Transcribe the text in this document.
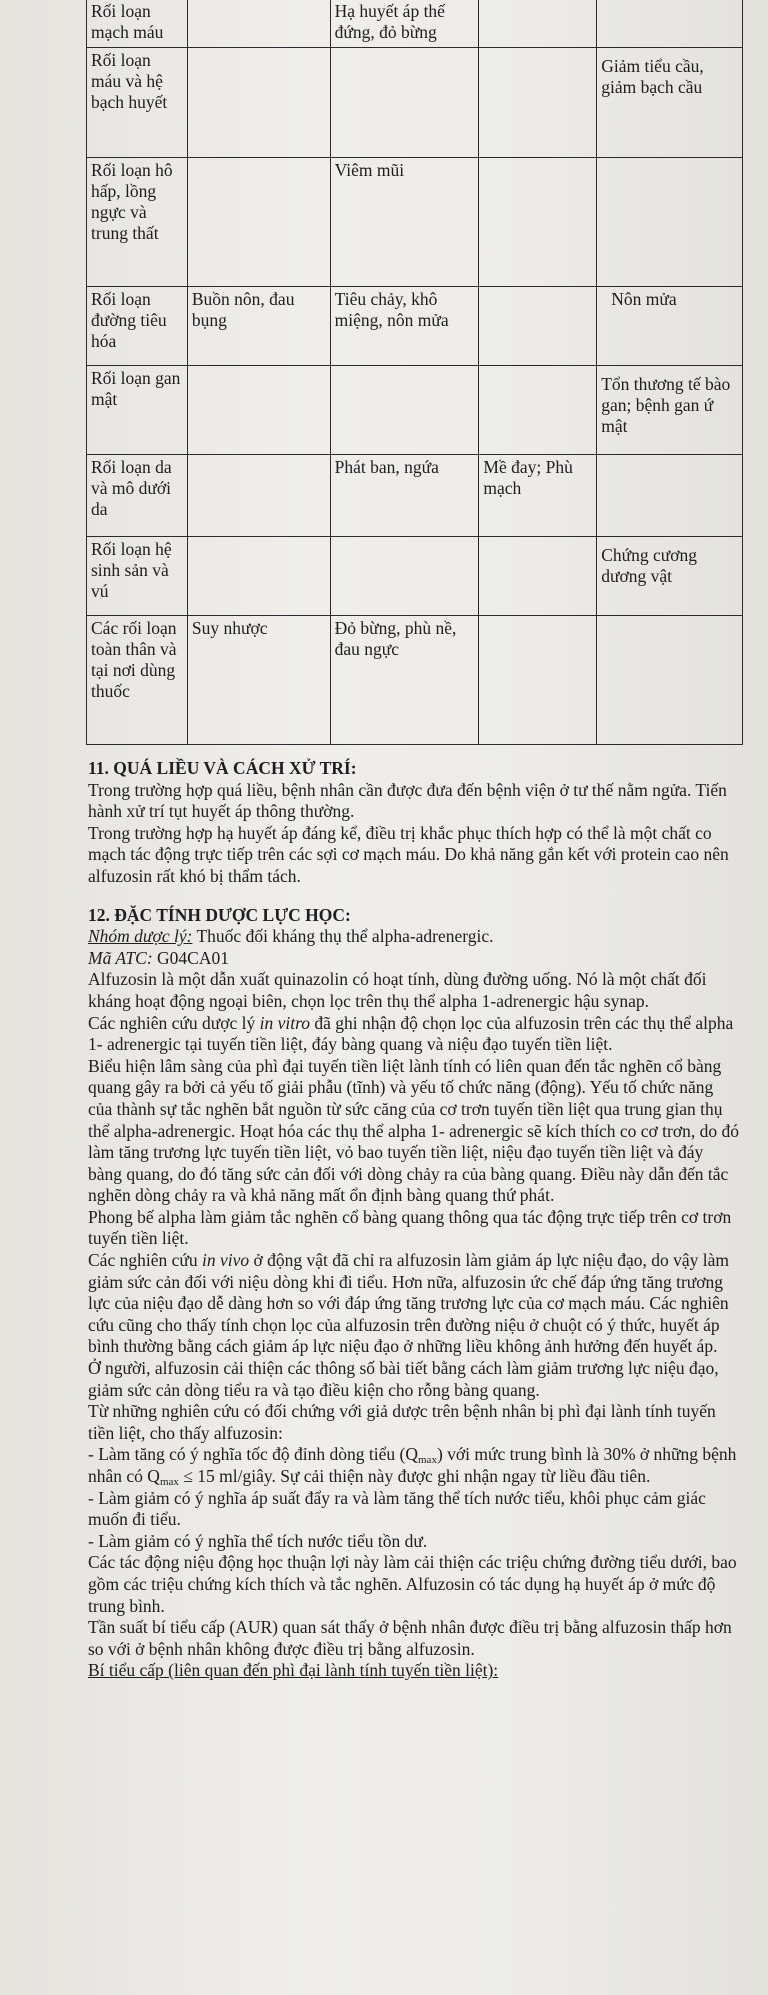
Rối loạn mạch máu		Hạ huyết áp thế đứng, đỏ bừng		
Rối loạn máu và hệ bạch huyết				Giảm tiểu cầu, giảm bạch cầu
Rối loạn hô hấp, lồng ngực và trung thất		Viêm mũi		
Rối loạn đường tiêu hóa	Buồn nôn, đau bụng	Tiêu chảy, khô miệng, nôn mửa		Nôn mửa
Rối loạn gan mật				Tổn thương tế bào gan; bệnh gan ứ mật
Rối loạn da và mô dưới da		Phát ban, ngứa	Mề đay; Phù mạch	
Rối loạn hệ sinh sản và vú				Chứng cương dương vật
Các rối loạn toàn thân và tại nơi dùng thuốc	Suy nhược	Đỏ bừng, phù nề, đau ngực		
11. QUÁ LIỀU VÀ CÁCH XỬ TRÍ:

Trong trường hợp quá liều, bệnh nhân cần được đưa đến bệnh viện ở tư thế nằm ngửa. Tiến hành xử trí tụt huyết áp thông thường.

Trong trường hợp hạ huyết áp đáng kể, điều trị khắc phục thích hợp có thể là một chất co mạch tác động trực tiếp trên các sợi cơ mạch máu. Do khả năng gắn kết với protein cao nên alfuzosin rất khó bị thẩm tách.

12. ĐẶC TÍNH DƯỢC LỰC HỌC:

Nhóm dược lý: Thuốc đối kháng thụ thể alpha-adrenergic.

Mã ATC: G04CA01

Alfuzosin là một dẫn xuất quinazolin có hoạt tính, dùng đường uống. Nó là một chất đối kháng hoạt động ngoại biên, chọn lọc trên thụ thể alpha 1-adrenergic hậu synap.

Các nghiên cứu dược lý in vitro đã ghi nhận độ chọn lọc của alfuzosin trên các thụ thể alpha 1- adrenergic tại tuyến tiền liệt, đáy bàng quang và niệu đạo tuyến tiền liệt.

Biểu hiện lâm sàng của phì đại tuyến tiền liệt lành tính có liên quan đến tắc nghẽn cổ bàng quang gây ra bởi cả yếu tố giải phẫu (tĩnh) và yếu tố chức năng (động). Yếu tố chức năng của thành sự tắc nghẽn bắt nguồn từ sức căng của cơ trơn tuyến tiền liệt qua trung gian thụ thể alpha-adrenergic. Hoạt hóa các thụ thể alpha 1- adrenergic sẽ kích thích co cơ trơn, do đó làm tăng trương lực tuyến tiền liệt, vỏ bao tuyến tiền liệt, niệu đạo tuyến tiền liệt và đáy bàng quang, do đó tăng sức cản đối với dòng chảy ra của bàng quang. Điều này dẫn đến tắc nghẽn dòng chảy ra và khả năng mất ổn định bàng quang thứ phát.

Phong bế alpha làm giảm tắc nghẽn cổ bàng quang thông qua tác động trực tiếp trên cơ trơn tuyến tiền liệt.

Các nghiên cứu in vivo ở động vật đã chỉ ra alfuzosin làm giảm áp lực niệu đạo, do vậy làm giảm sức cản đối với niệu dòng khi đi tiểu. Hơn nữa, alfuzosin ức chế đáp ứng tăng trương lực của niệu đạo dễ dàng hơn so với đáp ứng tăng trương lực của cơ mạch máu. Các nghiên cứu cũng cho thấy tính chọn lọc của alfuzosin trên đường niệu ở chuột có ý thức, huyết áp bình thường bằng cách giảm áp lực niệu đạo ở những liều không ảnh hưởng đến huyết áp.

Ở người, alfuzosin cải thiện các thông số bài tiết bằng cách làm giảm trương lực niệu đạo, giảm sức cản dòng tiểu ra và tạo điều kiện cho rỗng bàng quang.

Từ những nghiên cứu có đối chứng với giả dược trên bệnh nhân bị phì đại lành tính tuyến tiền liệt, cho thấy alfuzosin:

- Làm tăng có ý nghĩa tốc độ đỉnh dòng tiểu $(Q_{max})$ với mức trung bình là 30% ở những bệnh nhân có $Q_{max} \le 15$ ml/giây. Sự cải thiện này được ghi nhận ngay từ liều đầu tiên.

- Làm giảm có ý nghĩa áp suất đẩy ra và làm tăng thể tích nước tiểu, khôi phục cảm giác muốn đi tiểu.

- Làm giảm có ý nghĩa thể tích nước tiểu tồn dư.

Các tác động niệu động học thuận lợi này làm cải thiện các triệu chứng đường tiểu dưới, bao gồm các triệu chứng kích thích và tắc nghẽn. Alfuzosin có tác dụng hạ huyết áp ở mức độ trung bình.

Tần suất bí tiểu cấp (AUR) quan sát thấy ở bệnh nhân được điều trị bằng alfuzosin thấp hơn so với ở bệnh nhân không được điều trị bằng alfuzosin.

Bí tiểu cấp (liên quan đến phì đại lành tính tuyến tiền liệt):
